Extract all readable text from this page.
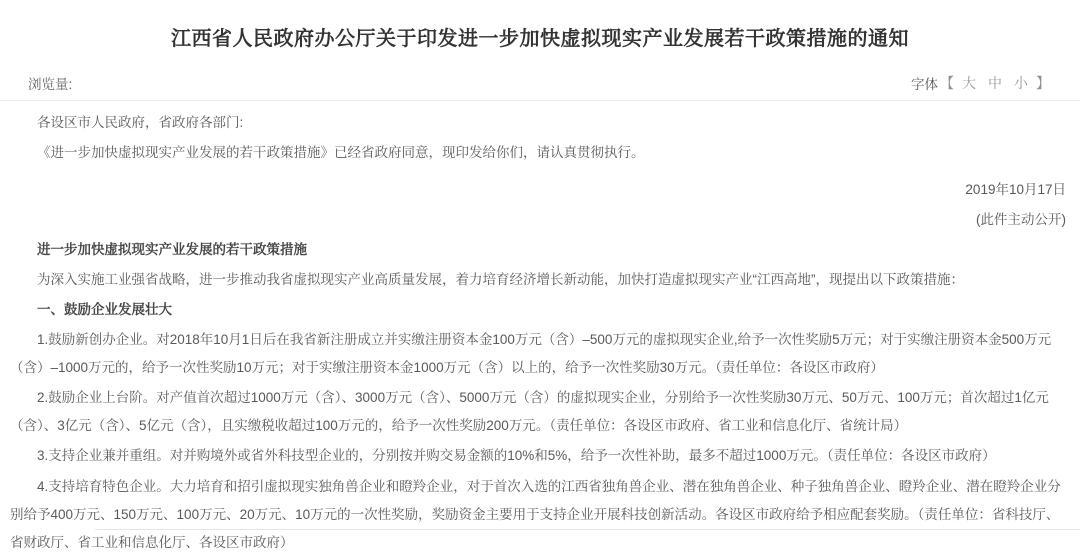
江西省人民政府办公厅关于印发进一步加快虚拟现实产业发展若干政策措施的通知
浏览量:	字体 【 大 中 小 】

各设区市人民政府，省政府各部门:

《进一步加快虚拟现实产业发展的若干政策措施》已经省政府同意，现印发给你们，请认真贯彻执行。

2019年10月17日

(此件主动公开)

进一步加快虚拟现实产业发展的若干政策措施

为深入实施工业强省战略，进一步推动我省虚拟现实产业高质量发展，着力培育经济增长新动能，加快打造虚拟现实产业“江西高地”，现提出以下政策措施：

一、鼓励企业发展壮大

1.鼓励新创办企业。对2018年10月1日后在我省新注册成立并实缴注册资本金100万元（含）–500万元的虚拟现实企业,给予一次性奖励5万元；对于实缴注册资本金500万元（含）–1000万元的，给予一次性奖励10万元；对于实缴注册资本金1000万元（含）以上的，给予一次性奖励30万元。（责任单位：各设区市政府）

2.鼓励企业上台阶。对产值首次超过1000万元（含）、3000万元（含）、5000万元（含）的虚拟现实企业，分别给予一次性奖励30万元、50万元、100万元；首次超过1亿元（含）、3亿元（含）、5亿元（含），且实缴税收超过100万元的，给予一次性奖励200万元。（责任单位：各设区市政府、省工业和信息化厅、省统计局）

3.支持企业兼并重组。对并购境外或省外科技型企业的，分别按并购交易金额的10%和5%，给予一次性补助，最多不超过1000万元。（责任单位：各设区市政府）

4.支持培育特色企业。大力培育和招引虚拟现实独角兽企业和瞪羚企业，对于首次入选的江西省独角兽企业、潜在独角兽企业、种子独角兽企业、瞪羚企业、潜在瞪羚企业分别给予400万元、150万元、100万元、20万元、10万元的一次性奖励，奖励资金主要用于支持企业开展科技创新活动。各设区市政府给予相应配套奖励。（责任单位：省科技厅、省财政厅、省工业和信息化厅、各设区市政府）
